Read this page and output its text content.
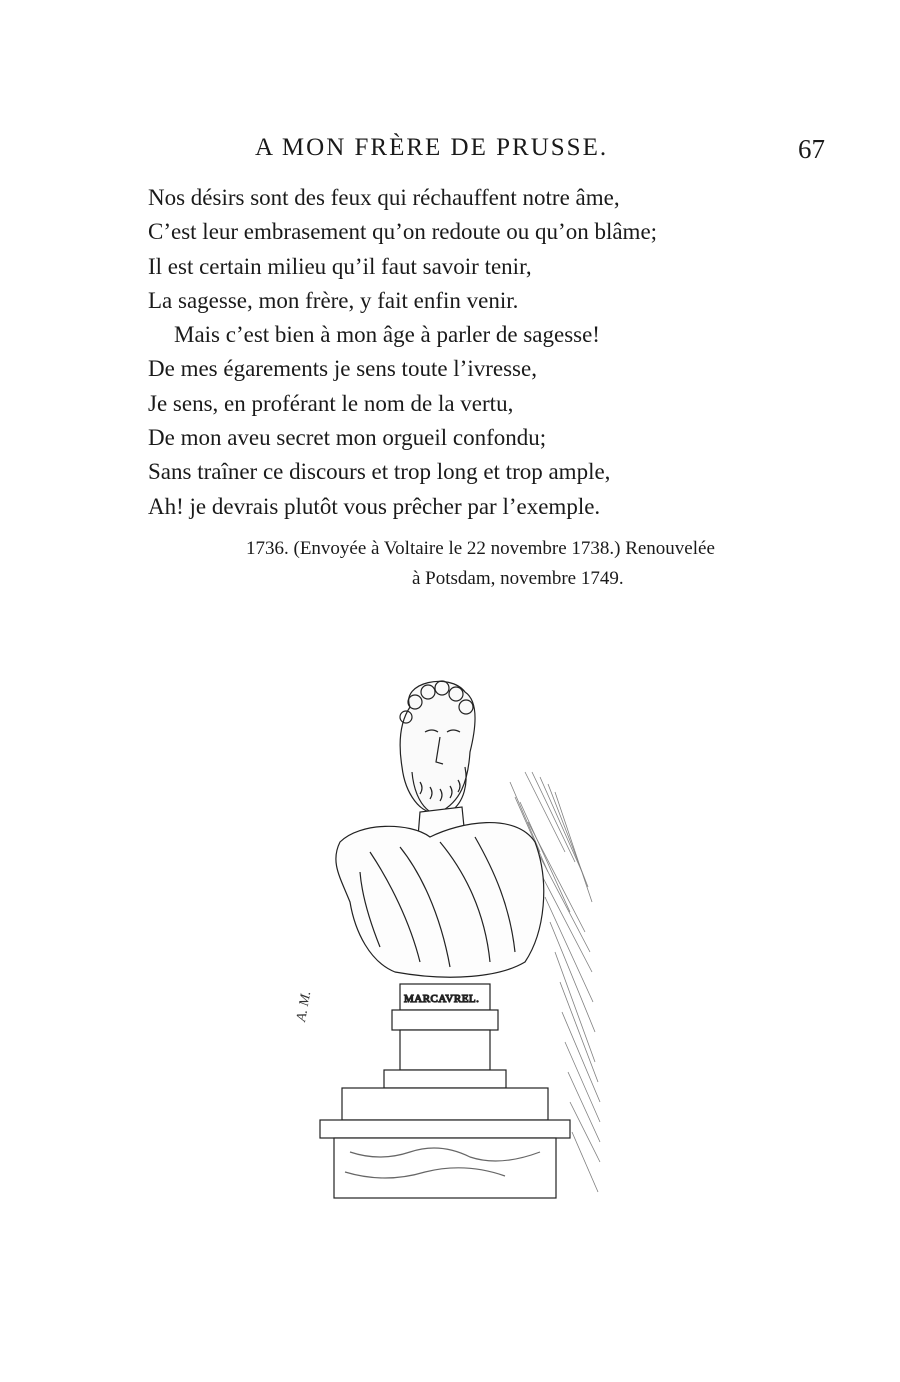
A MON FRÈRE DE PRUSSE.	67
Nos désirs sont des feux qui réchauffent notre âme,
C’est leur embrasement qu’on redoute ou qu’on blâme;
Il est certain milieu qu’il faut savoir tenir,
La sagesse, mon frère, y fait enfin venir.
Mais c’est bien à mon âge à parler de sagesse!
De mes égarements je sens toute l’ivresse,
Je sens, en proférant le nom de la vertu,
De mon aveu secret mon orgueil confondu;
Sans traîner ce discours et trop long et trop ample,
Ah! je devrais plutôt vous prêcher par l’exemple.
1736. (Envoyée à Voltaire le 22 novembre 1738.) Renouvelée
à Potsdam, novembre 1749.
MARCAVREL.
A. M.
